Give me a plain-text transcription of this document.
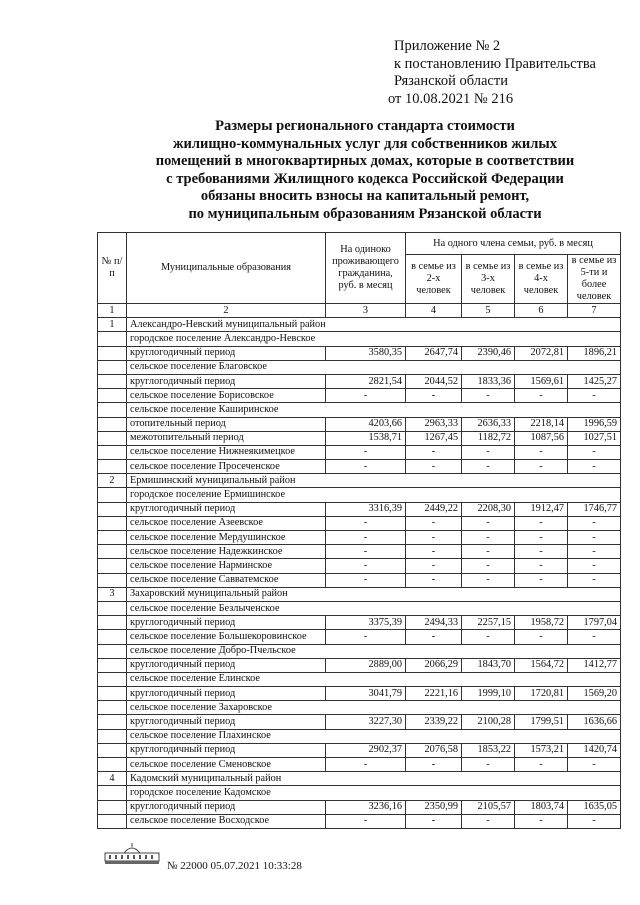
Приложение № 2
к постановлению Правительства
Рязанской области
от 10.08.2021 № 216
Размеры регионального стандарта стоимости
жилищно-коммунальных услуг для собственников жилых
помещений в многоквартирных домах, которые в соответствии
с требованиями Жилищного кодекса Российской Федерации
обязаны вносить взносы на капитальный ремонт,
по муниципальным образованиям Рязанской области
№ п/п	Муниципальные образования	На одиноко проживающего гражданина, руб. в месяц	На одного члена семьи, руб. в месяц			
			в семье из 2-х человек	в семье из 3-х человек	в семье из 4-х человек	в семье из 5-ти и более человек
1	2	3	4	5	6	7
1	Александро-Невский муниципальный район					
	городское поселение Александро-Невское					
	круглогодичный период	3580,35	2647,74	2390,46	2072,81	1896,21
	сельское поселение Благовское					
	круглогодичный период	2821,54	2044,52	1833,36	1569,61	1425,27
	сельское поселение Борисовское	-	-	-	-	-
	сельское поселение Каширинское					
	отопительный период	4203,66	2963,33	2636,33	2218,14	1996,59
	межотопительный период	1538,71	1267,45	1182,72	1087,56	1027,51
	сельское поселение Нижнеякимецкое	-	-	-	-	-
	сельское поселение Просеченское	-	-	-	-	-
2	Ермишинский муниципальный район					
	городское поселение Ермишинское					
	круглогодичный период	3316,39	2449,22	2208,30	1912,47	1746,77
	сельское поселение Азеевское	-	-	-	-	-
	сельское поселение Мердушинское	-	-	-	-	-
	сельское поселение Надежкинское	-	-	-	-	-
	сельское поселение Нарминское	-	-	-	-	-
	сельское поселение Савватемское	-	-	-	-	-
3	Захаровский муниципальный район					
	сельское поселение Безлыченское					
	круглогодичный период	3375,39	2494,33	2257,15	1958,72	1797,04
	сельское поселение Большекоровинское	-	-	-	-	-
	сельское поселение Добро-Пчельское					
	круглогодичный период	2889,00	2066,29	1843,70	1564,72	1412,77
	сельское поселение Елинское					
	круглогодичный период	3041,79	2221,16	1999,10	1720,81	1569,20
	сельское поселение Захаровское					
	круглогодичный период	3227,30	2339,22	2100,28	1799,51	1636,66
	сельское поселение Плахинское					
	круглогодичный период	2902,37	2076,58	1853,22	1573,21	1420,74
	сельское поселение Сменовское	-	-	-	-	-
4	Кадомский муниципальный район					
	городское поселение Кадомское					
	круглогодичный период	3236,16	2350,99	2105,57	1803,74	1635,05
	сельское поселение Восходское	-	-	-	-	-
№ 22000 05.07.2021 10:33:28
